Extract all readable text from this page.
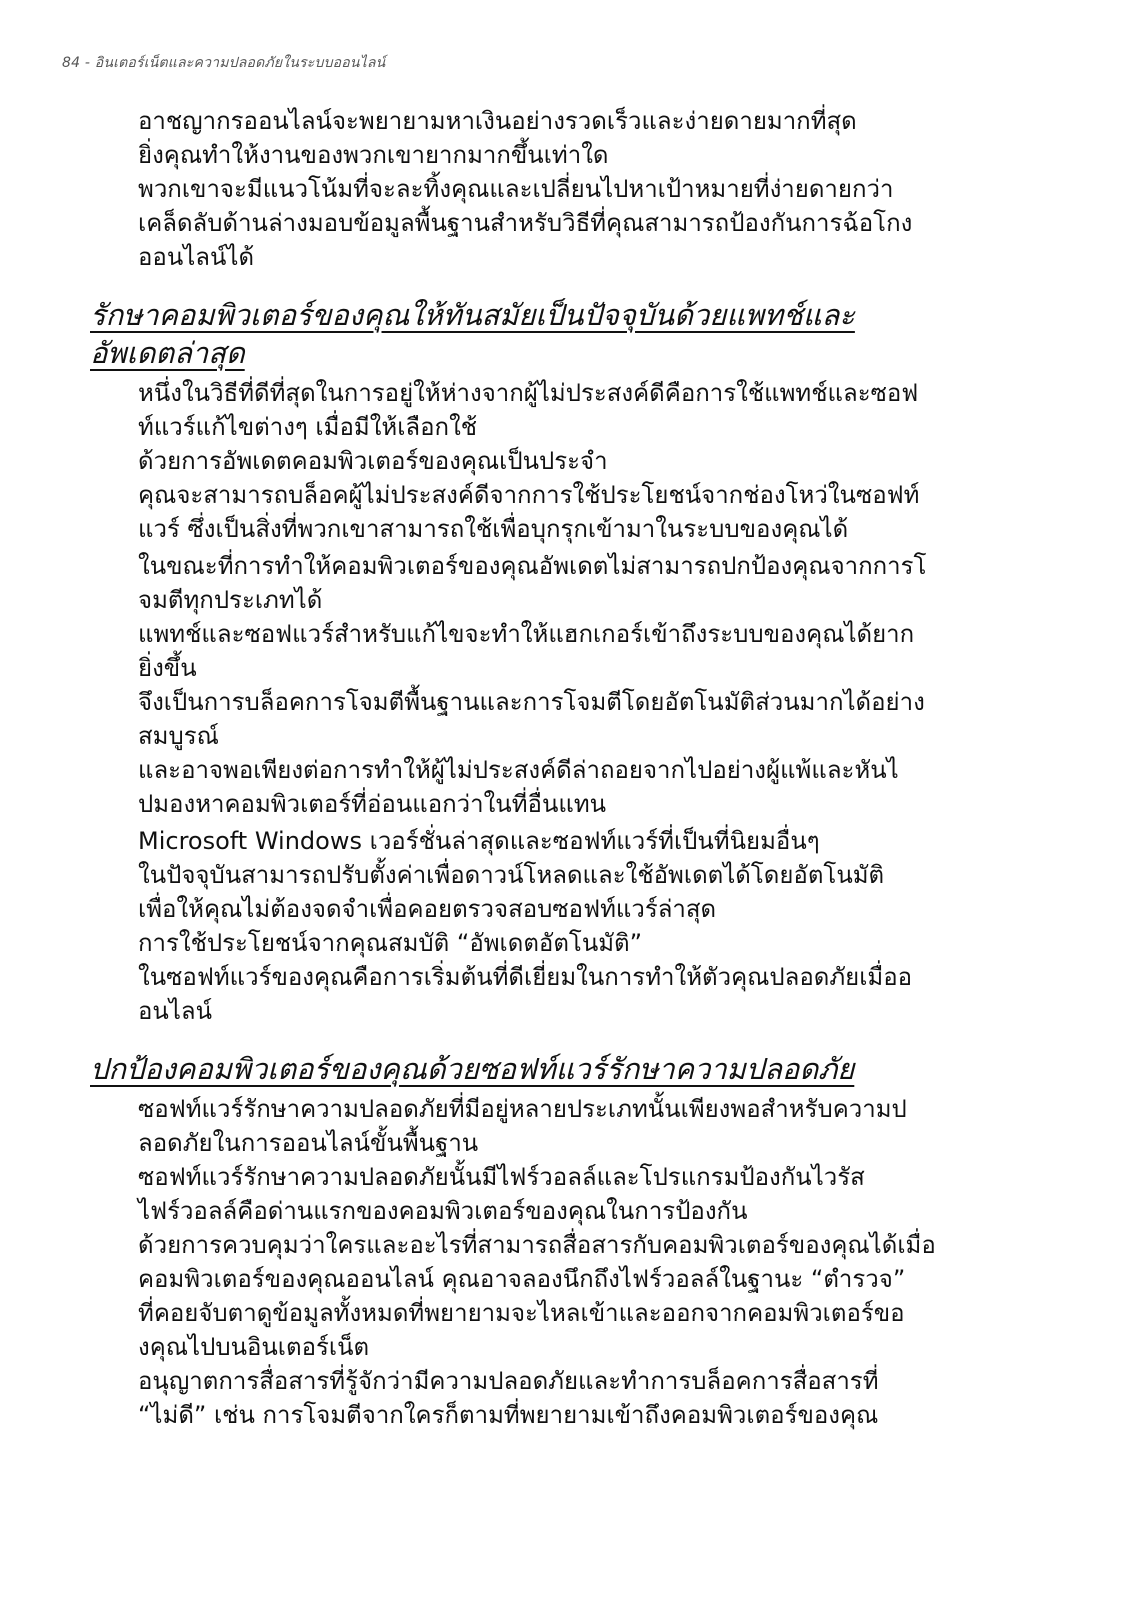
84 - อินเตอร์เน็ตและความปลอดภัยในระบบออนไลน์
อาชญากรออนไลน์จะพยายามหาเงินอย่างรวดเร็วและง่ายดายมากที่สุด
ยิ่งคุณทำให้งานของพวกเขายากมากขึ้นเท่าใด
พวกเขาจะมีแนวโน้มที่จะละทิ้งคุณและเปลี่ยนไปหาเป้าหมายที่ง่ายดายกว่า
เคล็ดลับด้านล่างมอบข้อมูลพื้นฐานสำหรับวิธีที่คุณสามารถป้องกันการฉ้อโกง
ออนไลน์ได้
รักษาคอมพิวเตอร์ของคุณให้ทันสมัยเป็นปัจจุบันด้วยแพทช์และ
อัพเดตล่าสุด
หนึ่งในวิธีที่ดีที่สุดในการอยู่ให้ห่างจากผู้ไม่ประสงค์ดีคือการใช้แพทช์และซอฟ
ท์แวร์แก้ไขต่างๆ เมื่อมีให้เลือกใช้
ด้วยการอัพเดตคอมพิวเตอร์ของคุณเป็นประจำ
คุณจะสามารถบล็อคผู้ไม่ประสงค์ดีจากการใช้ประโยชน์จากช่องโหว่ในซอฟท์
แวร์ ซึ่งเป็นสิ่งที่พวกเขาสามารถใช้เพื่อบุกรุกเข้ามาในระบบของคุณได้
ในขณะที่การทำให้คอมพิวเตอร์ของคุณอัพเดตไม่สามารถปกป้องคุณจากการโ
จมตีทุกประเภทได้
แพทช์และซอฟแวร์สำหรับแก้ไขจะทำให้แฮกเกอร์เข้าถึงระบบของคุณได้ยาก
ยิ่งขึ้น
จึงเป็นการบล็อคการโจมตีพื้นฐานและการโจมตีโดยอัตโนมัติส่วนมากได้อย่าง
สมบูรณ์
และอาจพอเพียงต่อการทำให้ผู้ไม่ประสงค์ดีล่าถอยจากไปอย่างผู้แพ้และหันไ
ปมองหาคอมพิวเตอร์ที่อ่อนแอกว่าในที่อื่นแทน
Microsoft Windows เวอร์ชั่นล่าสุดและซอฟท์แวร์ที่เป็นที่นิยมอื่นๆ
ในปัจจุบันสามารถปรับตั้งค่าเพื่อดาวน์โหลดและใช้อัพเดตได้โดยอัตโนมัติ
เพื่อให้คุณไม่ต้องจดจำเพื่อคอยตรวจสอบซอฟท์แวร์ล่าสุด
การใช้ประโยชน์จากคุณสมบัติ “อัพเดตอัตโนมัติ”
ในซอฟท์แวร์ของคุณคือการเริ่มต้นที่ดีเยี่ยมในการทำให้ตัวคุณปลอดภัยเมื่ออ
อนไลน์
ปกป้องคอมพิวเตอร์ของคุณด้วยซอฟท์แวร์รักษาความปลอดภัย
ซอฟท์แวร์รักษาความปลอดภัยที่มีอยู่หลายประเภทนั้นเพียงพอสำหรับความป
ลอดภัยในการออนไลน์ขั้นพื้นฐาน
ซอฟท์แวร์รักษาความปลอดภัยนั้นมีไฟร์วอลล์และโปรแกรมป้องกันไวรัส
ไฟร์วอลล์คือด่านแรกของคอมพิวเตอร์ของคุณในการป้องกัน
ด้วยการควบคุมว่าใครและอะไรที่สามารถสื่อสารกับคอมพิวเตอร์ของคุณได้เมื่อ
คอมพิวเตอร์ของคุณออนไลน์ คุณอาจลองนึกถึงไฟร์วอลล์ในฐานะ “ตำรวจ”
ที่คอยจับตาดูข้อมูลทั้งหมดที่พยายามจะไหลเข้าและออกจากคอมพิวเตอร์ขอ
งคุณไปบนอินเตอร์เน็ต
อนุญาตการสื่อสารที่รู้จักว่ามีความปลอดภัยและทำการบล็อคการสื่อสารที่
“ไม่ดี” เช่น การโจมตีจากใครก็ตามที่พยายามเข้าถึงคอมพิวเตอร์ของคุณ
